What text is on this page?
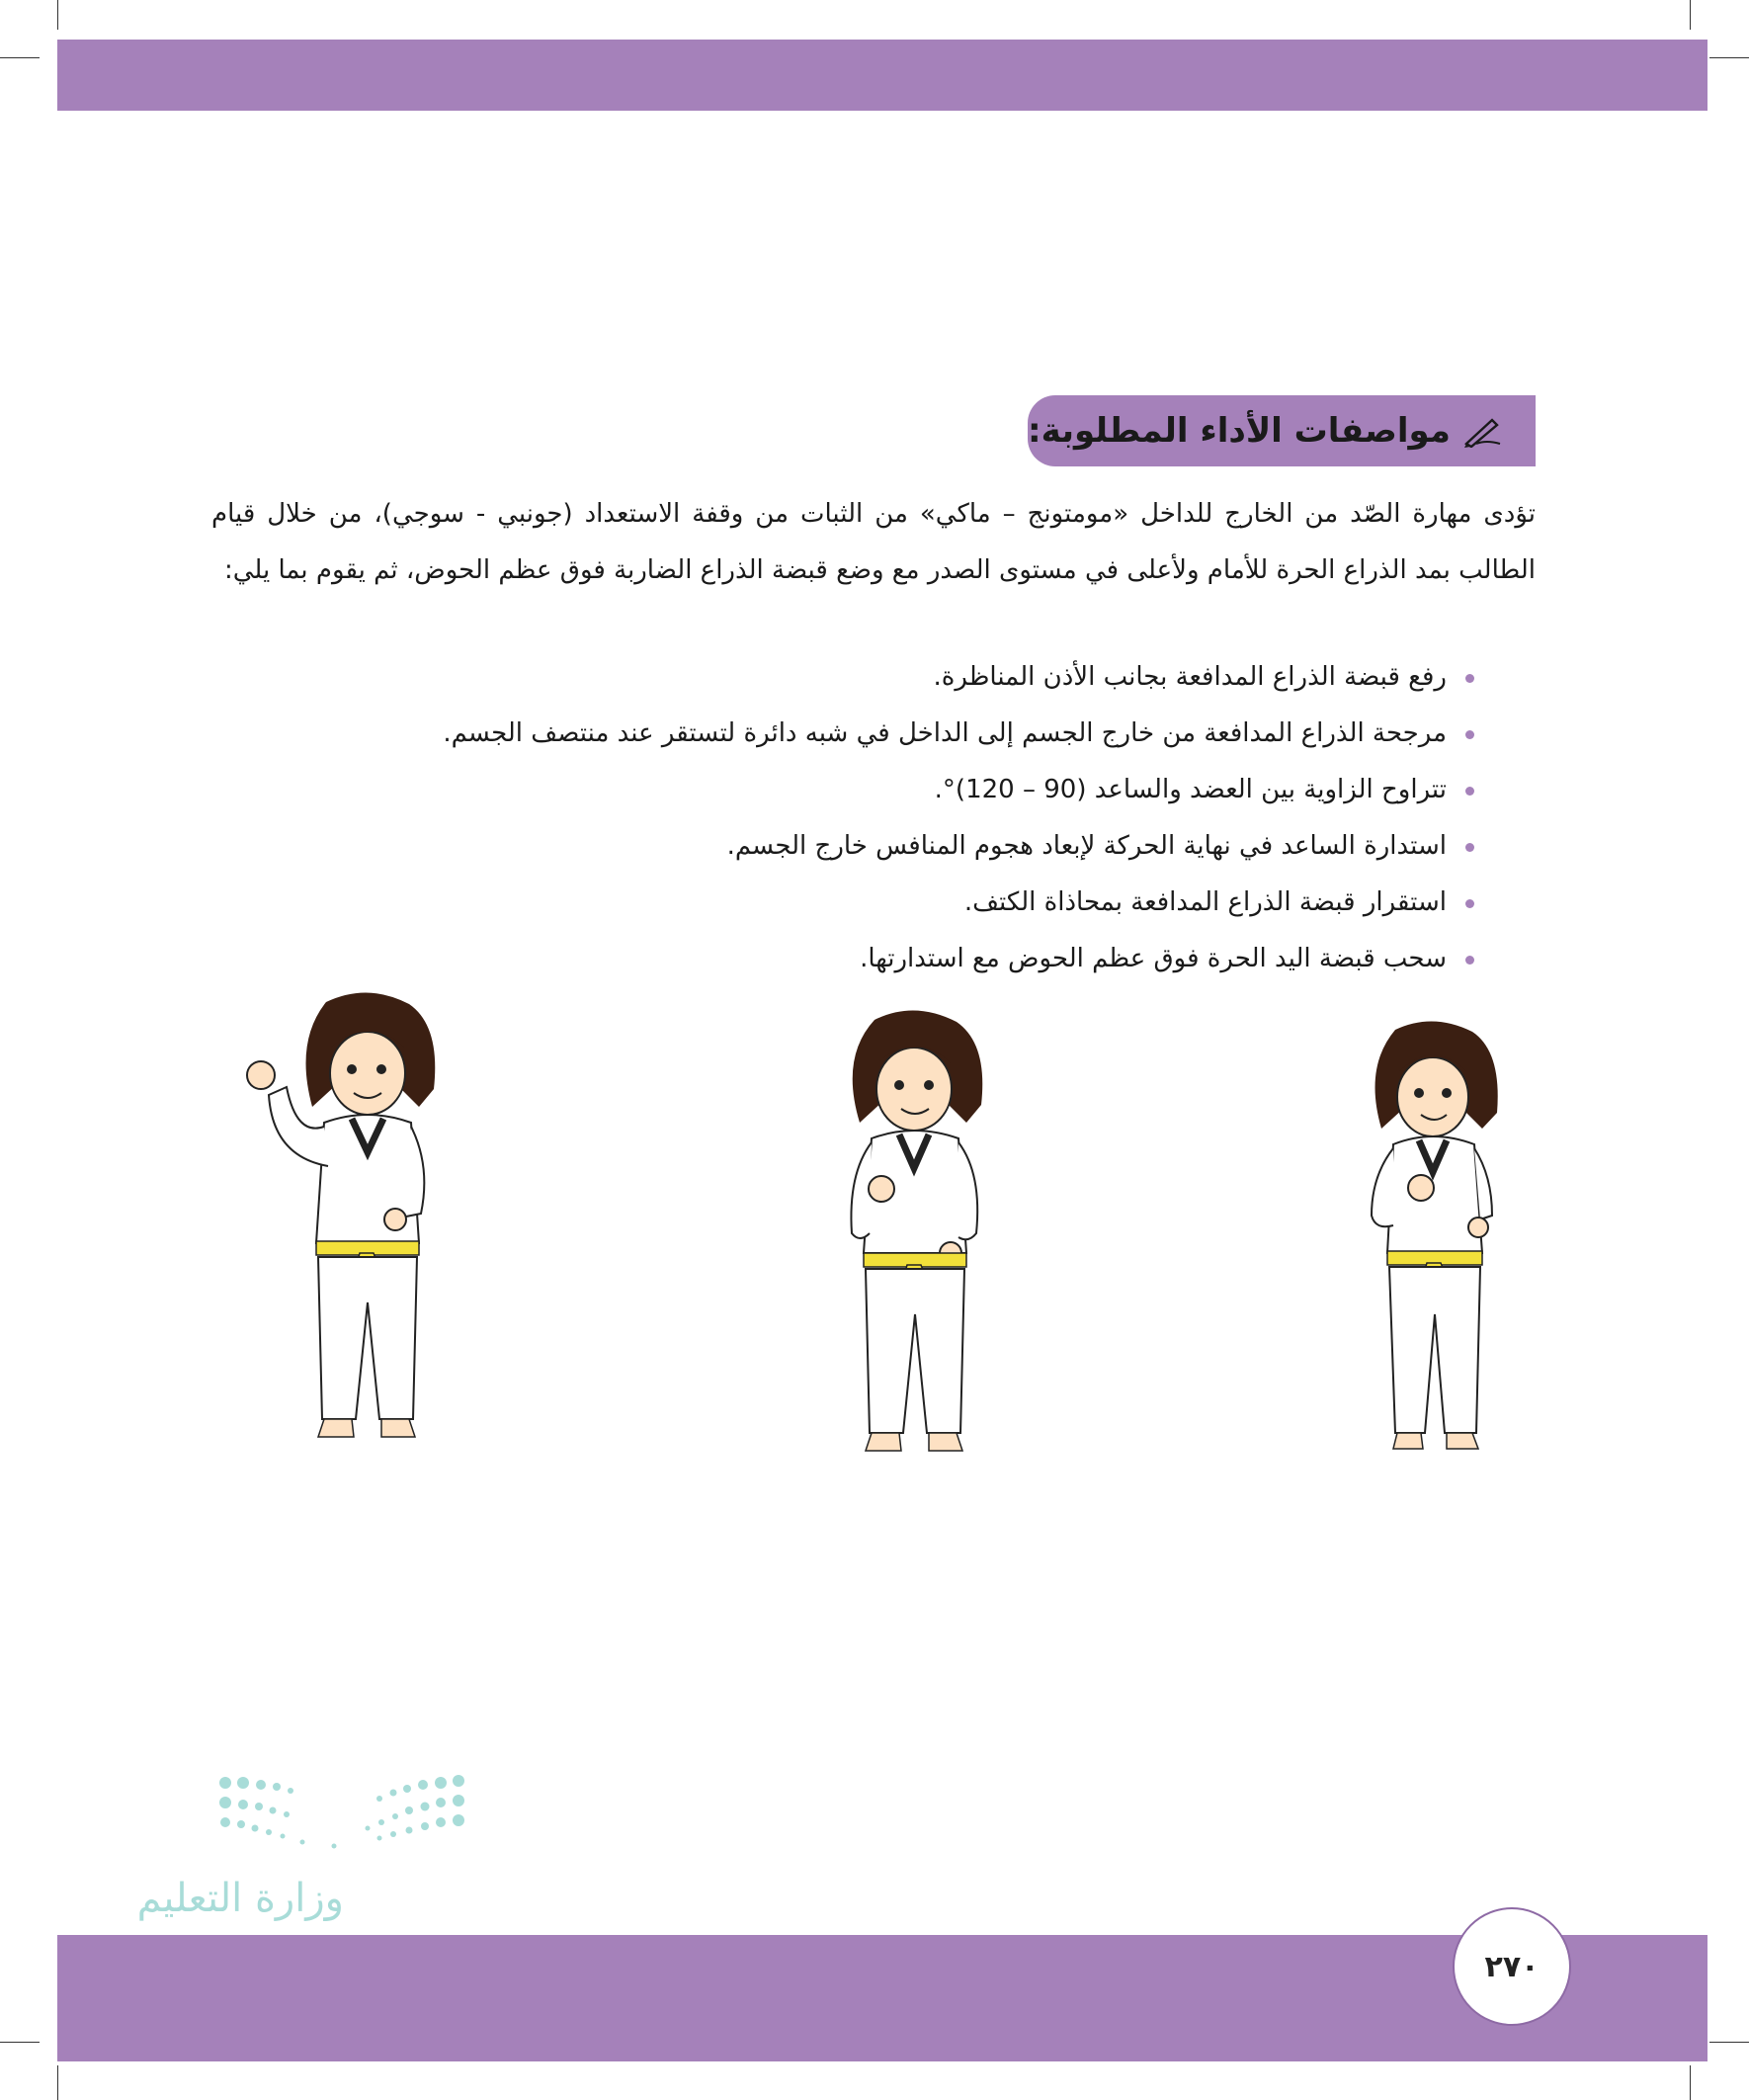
مواصفات الأداء المطلوبة:

تؤدى مهارة الصّد من الخارج للداخل «مومتونج – ماكي» من الثبات من وقفة الاستعداد (جونبي - سوجي)، من خلال قيام الطالب بمد الذراع الحرة للأمام ولأعلى في مستوى الصدر مع وضع قبضة الذراع الضاربة فوق عظم الحوض، ثم يقوم بما يلي:

رفع قبضة الذراع المدافعة بجانب الأذن المناظرة.
مرجحة الذراع المدافعة من خارج الجسم إلى الداخل في شبه دائرة لتستقر عند منتصف الجسم.
تتراوح الزاوية بين العضد والساعد (90 – 120)°.
استدارة الساعد في نهاية الحركة لإبعاد هجوم المنافس خارج الجسم.
استقرار قبضة الذراع المدافعة بمحاذاة الكتف.
سحب قبضة اليد الحرة فوق عظم الحوض مع استدارتها.
وزارة التعليم
٢٧٠
